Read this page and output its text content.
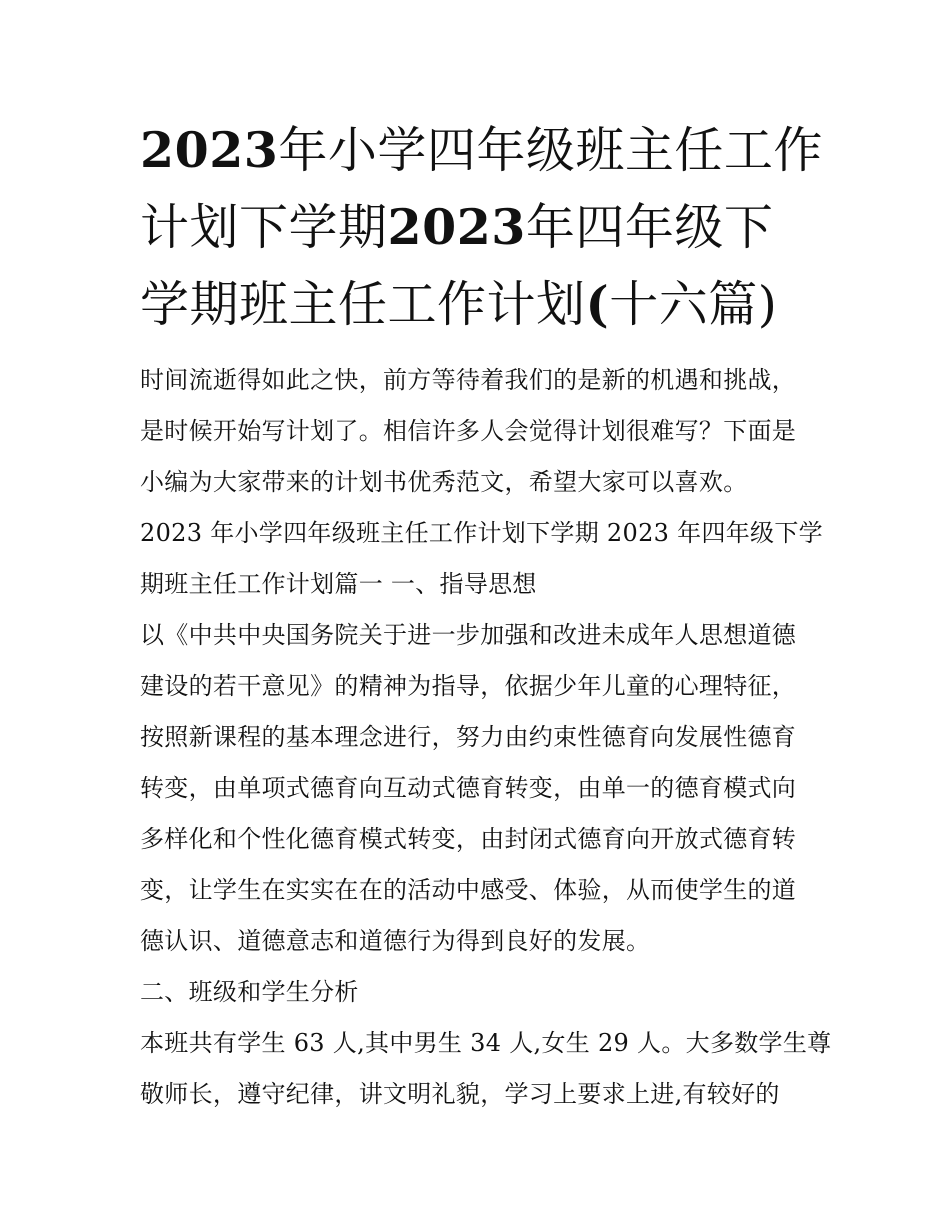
2023年小学四年级班主任工作
计划下学期2023年四年级下
学期班主任工作计划(十六篇)
时间流逝得如此之快，前方等待着我们的是新的机遇和挑战，
是时候开始写计划了。相信许多人会觉得计划很难写？下面是
小编为大家带来的计划书优秀范文，希望大家可以喜欢。
2023 年小学四年级班主任工作计划下学期 2023 年四年级下学
期班主任工作计划篇一 一、指导思想
以《中共中央国务院关于进一步加强和改进未成年人思想道德
建设的若干意见》的精神为指导，依据少年儿童的心理特征，
按照新课程的基本理念进行，努力由约束性德育向发展性德育
转变，由单项式德育向互动式德育转变，由单一的德育模式向
多样化和个性化德育模式转变，由封闭式德育向开放式德育转
变，让学生在实实在在的活动中感受、体验，从而使学生的道
德认识、道德意志和道德行为得到良好的发展。
二、班级和学生分析
本班共有学生 63 人,其中男生 34 人,女生 29 人。大多数学生尊
敬师长，遵守纪律，讲文明礼貌，学习上要求上进,有较好的
